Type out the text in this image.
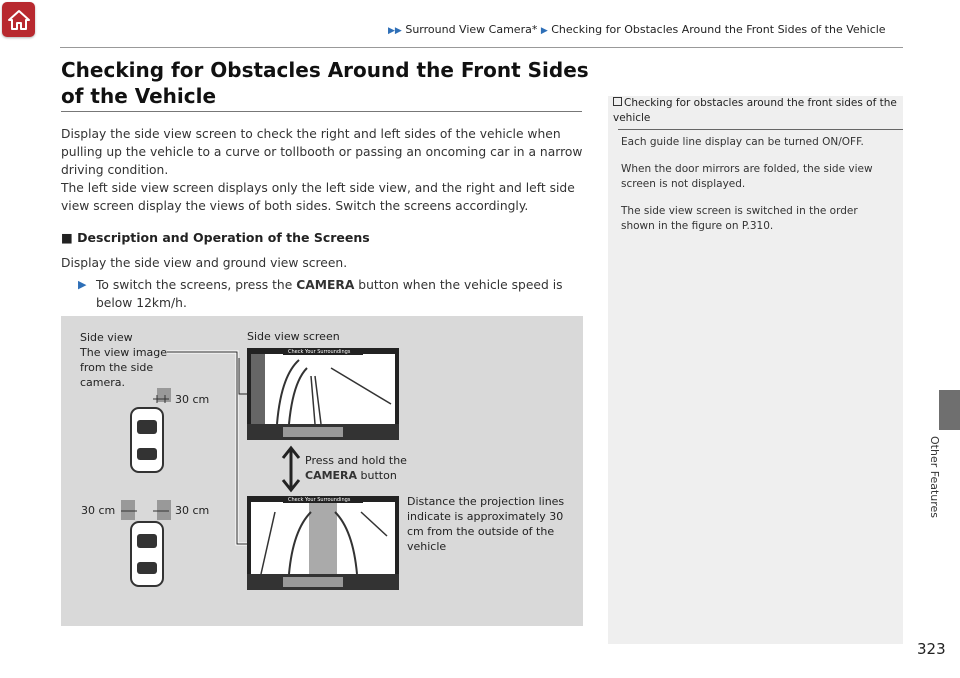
▶▶ Surround View Camera* ▶ Checking for Obstacles Around the Front Sides of the Vehicle
Checking for Obstacles Around the Front Sides of the Vehicle
Display the side view screen to check the right and left sides of the vehicle when pulling up the vehicle to a curve or tollbooth or passing an oncoming car in a narrow driving condition.
The left side view screen displays only the left side view, and the right and left side view screen display the views of both sides. Switch the screens accordingly.
■ Description and Operation of the Screens
Display the side view and ground view screen.
▶ To switch the screens, press the CAMERA button when the vehicle speed is below 12km/h.
Side view
The view image from the side camera.
Side view screen
Check Your Surroundings
Check Your Surroundings
30 cm
30 cm	30 cm
Press and hold the
CAMERA button
Distance the projection lines indicate is approximately 30 cm from the outside of the vehicle
Checking for obstacles around the front sides of the vehicle
Each guide line display can be turned ON/OFF.
When the door mirrors are folded, the side view screen is not displayed.
The side view screen is switched in the order shown in the figure on P.310.
Other Features
323
